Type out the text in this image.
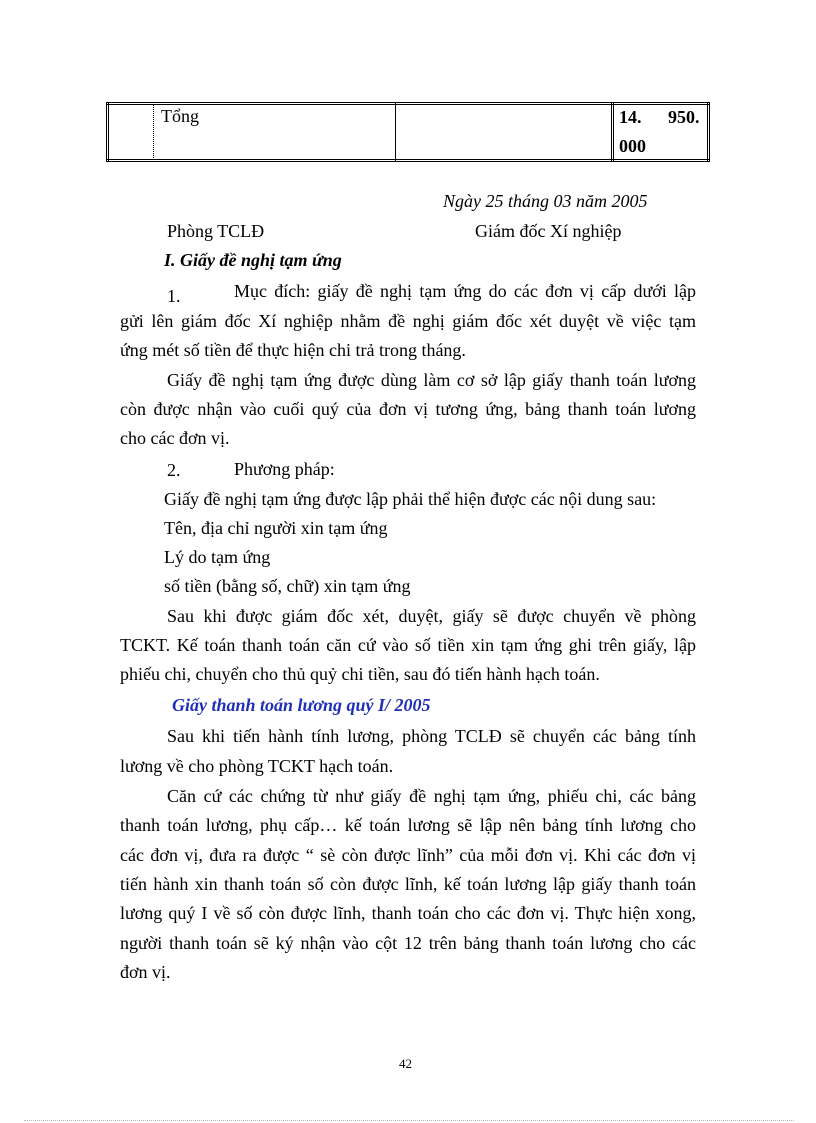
Tổng	14. 950.
000
Ngày 25 tháng 03 năm 2005
Phòng TCLĐ	Giám đốc Xí nghiệp
I. Giấy đề nghị tạm ứng
1.	Mục đích: giấy đề nghị tạm ứng do các đơn vị cấp dưới lập
gửi lên giám đốc Xí nghiệp nhằm đề nghị giám đốc xét duyệt về việc tạm
ứng mét số tiền để thực hiện chi trả trong tháng.
Giấy đề nghị tạm ứng được dùng làm cơ sở lập giấy thanh toán lương
còn được nhận vào cuối quý của đơn vị tương ứng, bảng thanh toán lương
cho các đơn vị.
2.	Phương pháp:
Giấy đề nghị tạm ứng được lập phải thể hiện được các nội dung sau:
Tên, địa chỉ người xin tạm ứng
Lý do tạm ứng
số tiền (bằng số, chữ) xin tạm ứng
Sau khi được giám đốc xét, duyệt, giấy sẽ được chuyển về phòng
TCKT. Kế toán thanh toán căn cứ vào số tiền xin tạm ứng ghi trên giấy, lập
phiếu chi, chuyển cho thủ quỷ chi tiền, sau đó tiến hành hạch toán.
Giấy thanh toán lương quý I/ 2005
Sau khi tiến hành tính lương, phòng TCLĐ sẽ chuyển các bảng tính
lương về cho phòng TCKT hạch toán.
Căn cứ các chứng từ như giấy đề nghị tạm ứng, phiếu chi, các bảng
thanh toán lương, phụ cấp… kế toán lương sẽ lập nên bảng tính lương cho
các đơn vị, đưa ra được “ sè còn được lĩnh” của mỗi đơn vị. Khi các đơn vị
tiến hành xin thanh toán số còn được lĩnh, kế toán lương lập giấy thanh toán
lương quý I về số còn được lĩnh, thanh toán cho các đơn vị. Thực hiện xong,
người thanh toán sẽ ký nhận vào cột 12 trên bảng thanh toán lương cho các
đơn vị.
42
